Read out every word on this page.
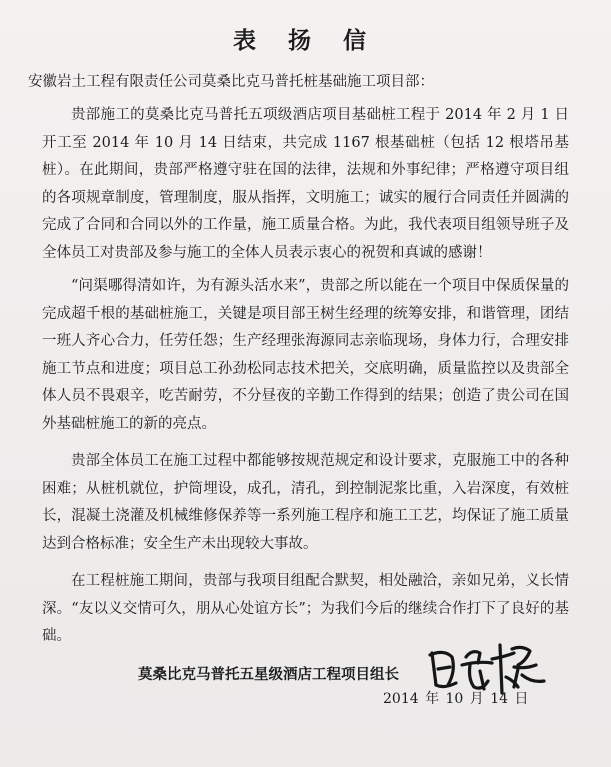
表 扬 信
安徽岩土工程有限责任公司莫桑比克马普托桩基础施工项目部：

贵部施工的莫桑比克马普托五项级酒店项目基础桩工程于 2014 年 2 月 1 日开工至 2014 年 10 月 14 日结束，共完成 1167 根基础桩（包括 12 根塔吊基桩）。在此期间，贵部严格遵守驻在国的法律，法规和外事纪律；严格遵守项目组的各项规章制度，管理制度，服从指挥，文明施工；诚实的履行合同责任并圆满的完成了合同和合同以外的工作量，施工质量合格。为此，我代表项目组领导班子及全体员工对贵部及参与施工的全体人员表示衷心的祝贺和真诚的感谢！

“问渠哪得清如许，为有源头活水来”，贵部之所以能在一个项目中保质保量的完成超千根的基础桩施工，关键是项目部王树生经理的统筹安排，和谐管理，团结一班人齐心合力，任劳任怨；生产经理张海源同志亲临现场，身体力行，合理安排施工节点和进度；项目总工孙劲松同志技术把关，交底明确，质量监控以及贵部全体人员不畏艰辛，吃苦耐劳，不分昼夜的辛勤工作得到的结果；创造了贵公司在国外基础桩施工的新的亮点。

贵部全体员工在施工过程中都能够按规范规定和设计要求，克服施工中的各种困难；从桩机就位，护筒埋设，成孔，清孔，到控制泥浆比重，入岩深度，有效桩长，混凝土浇灌及机械维修保养等一系列施工程序和施工工艺，均保证了施工质量达到合格标准；安全生产未出现较大事故。

在工程桩施工期间，贵部与我项目组配合默契，相处融洽，亲如兄弟，义长情深。“友以义交情可久，朋从心处谊方长”；为我们今后的继续合作打下了良好的基础。

莫桑比克马普托五星级酒店工程项目组长
2014 年 10 月 14 日
